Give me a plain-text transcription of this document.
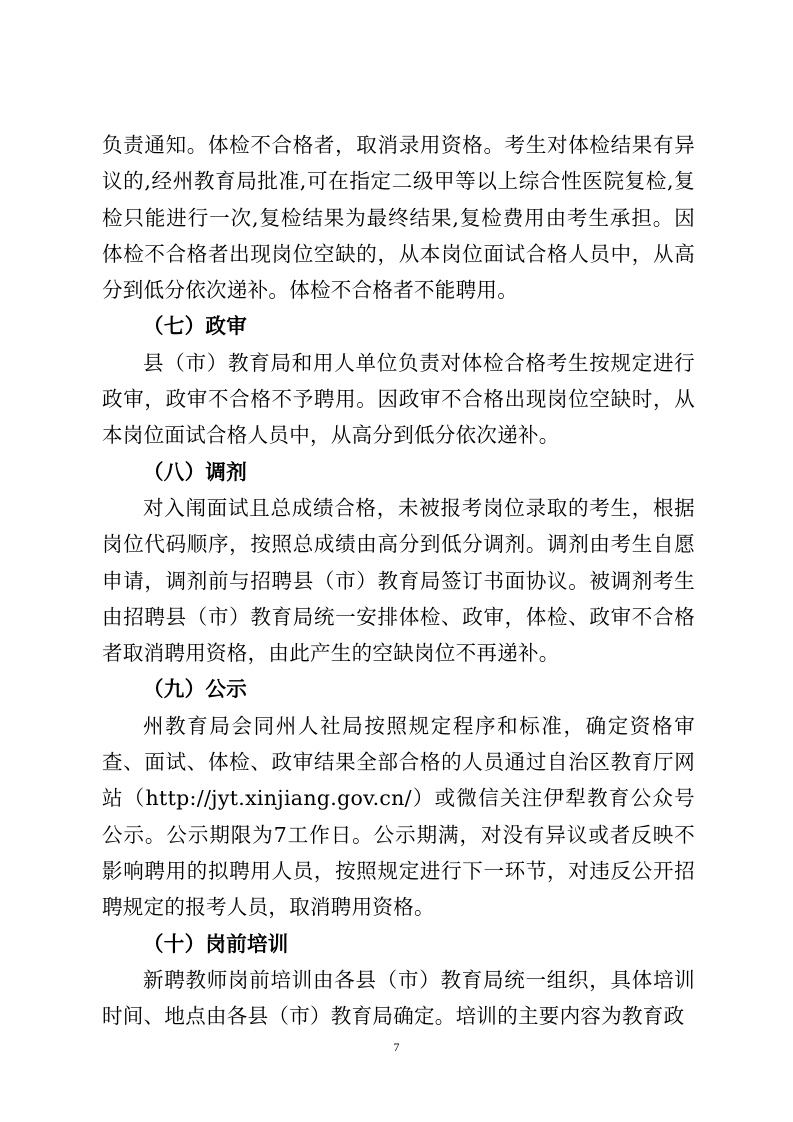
负责通知。体检不合格者，取消录用资格。考生对体检结果有异议的,经州教育局批准,可在指定二级甲等以上综合性医院复检,复检只能进行一次,复检结果为最终结果,复检费用由考生承担。因体检不合格者出现岗位空缺的，从本岗位面试合格人员中，从高分到低分依次递补。体检不合格者不能聘用。

（七）政审

县（市）教育局和用人单位负责对体检合格考生按规定进行政审，政审不合格不予聘用。因政审不合格出现岗位空缺时，从本岗位面试合格人员中，从高分到低分依次递补。

（八）调剂

对入闱面试且总成绩合格，未被报考岗位录取的考生，根据岗位代码顺序，按照总成绩由高分到低分调剂。调剂由考生自愿申请，调剂前与招聘县（市）教育局签订书面协议。被调剂考生由招聘县（市）教育局统一安排体检、政审，体检、政审不合格者取消聘用资格，由此产生的空缺岗位不再递补。

（九）公示

州教育局会同州人社局按照规定程序和标准，确定资格审查、面试、体检、政审结果全部合格的人员通过自治区教育厅网站（http://jyt.xinjiang.gov.cn/）或微信关注伊犁教育公众号公示。公示期限为7工作日。公示期满，对没有异议或者反映不影响聘用的拟聘用人员，按照规定进行下一环节，对违反公开招聘规定的报考人员，取消聘用资格。

（十）岗前培训

新聘教师岗前培训由各县（市）教育局统一组织，具体培训时间、地点由各县（市）教育局确定。培训的主要内容为教育政

7
